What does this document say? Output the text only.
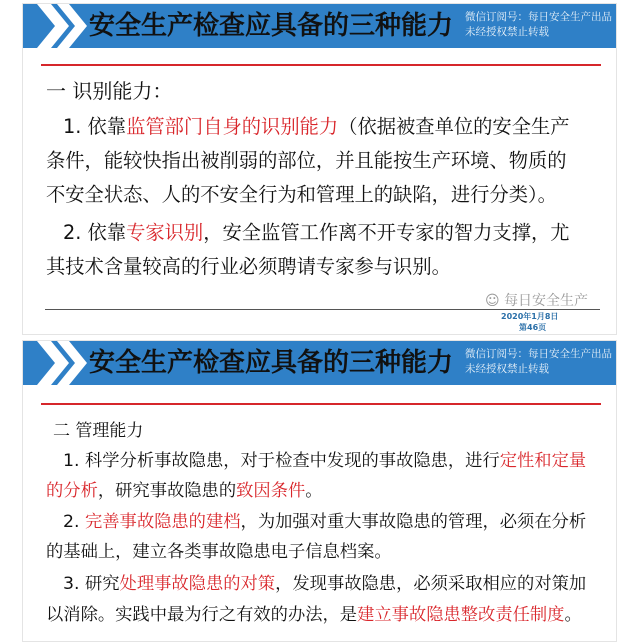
安全生产检查应具备的三种能力 微信订阅号：每日安全生产出品
未经授权禁止转载
一 识别能力：
1. 依靠监管部门自身的识别能力（依据被查单位的安全生产
条件，能较快指出被削弱的部位，并且能按生产环境、物质的
不安全状态、人的不安全行为和管理上的缺陷，进行分类）。
2. 依靠专家识别，安全监管工作离不开专家的智力支撑，尤
其技术含量较高的行业必须聘请专家参与识别。
☺ 每日安全生产
2020年1月8日
第46页
安全生产检查应具备的三种能力 微信订阅号：每日安全生产出品
未经授权禁止转载
二 管理能力
1. 科学分析事故隐患，对于检查中发现的事故隐患，进行定性和定量
的分析，研究事故隐患的致因条件。
2. 完善事故隐患的建档，为加强对重大事故隐患的管理，必须在分析
的基础上，建立各类事故隐患电子信息档案。
3. 研究处理事故隐患的对策，发现事故隐患，必须采取相应的对策加
以消除。实践中最为行之有效的办法，是建立事故隐患整改责任制度。
